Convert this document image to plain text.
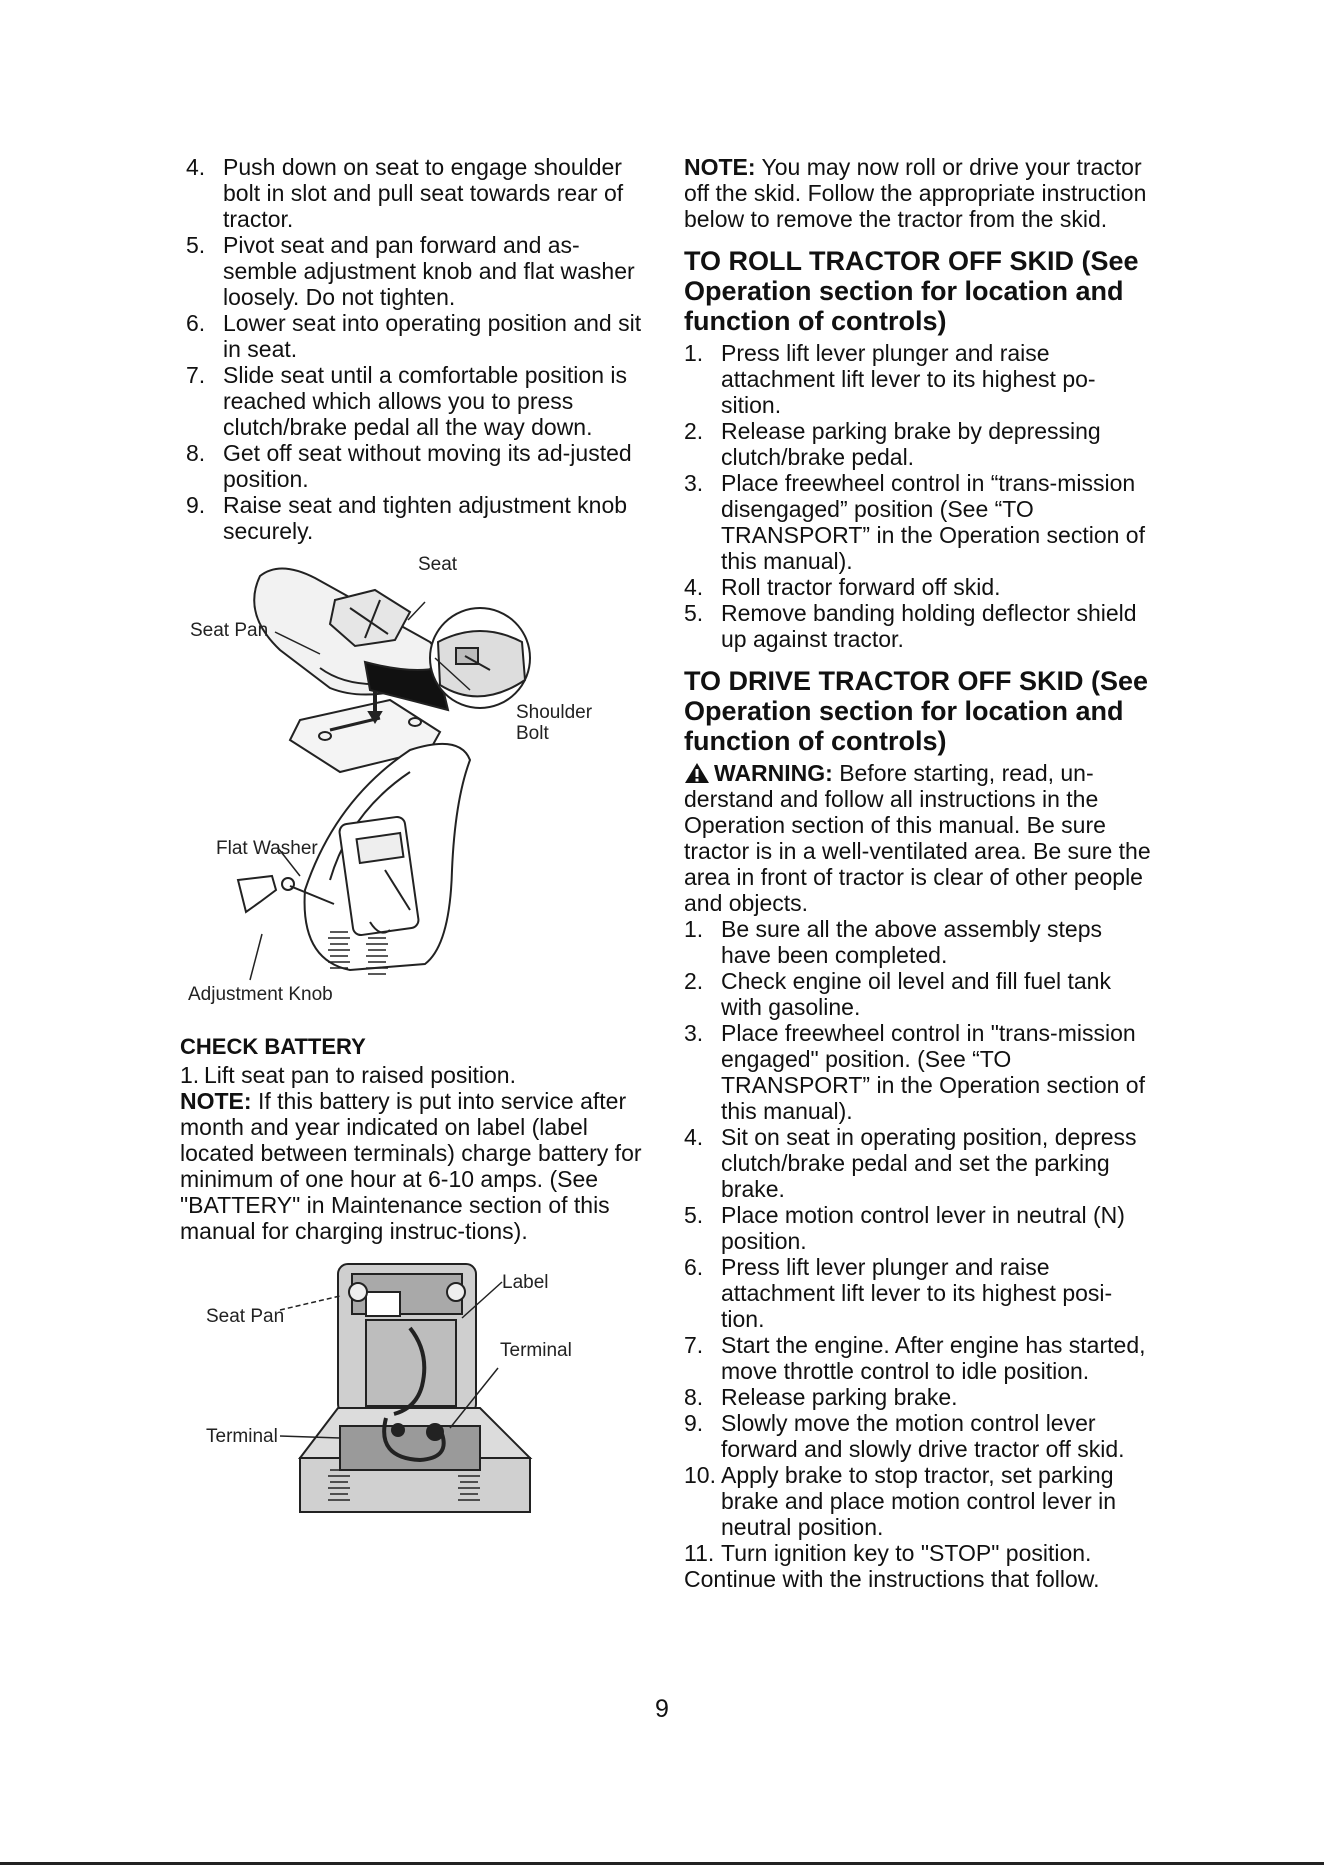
4. Push down on seat to engage shoulder bolt in slot and pull seat towards rear of tractor.
5. Pivot seat and pan forward and as-semble adjustment knob and flat washer loosely. Do not tighten.
6. Lower seat into operating position and sit in seat.
7. Slide seat until a comfortable position is reached which allows you to press clutch/brake pedal all the way down.
8. Get off seat without moving its ad-justed position.
9. Raise seat and tighten adjustment knob securely.
Seat
Seat Pan
Shoulder
Bolt
Flat Washer
Adjustment Knob
CHECK BATTERY
1. Lift seat pan to raised position.

NOTE: If this battery is put into service after month and year indicated on label (label located between terminals) charge battery for minimum of one hour at 6-10 amps. (See "BATTERY" in Maintenance section of this manual for charging instruc-tions).

Seat Pan
Label
Terminal
Terminal

NOTE: You may now roll or drive your tractor off the skid. Follow the appropriate instruction below to remove the tractor from the skid.

TO ROLL TRACTOR OFF SKID (See Operation section for location and function of controls)
1. Press lift lever plunger and raise attachment lift lever to its highest po-sition.
2. Release parking brake by depressing clutch/brake pedal.
3. Place freewheel control in “trans-mission disengaged” position (See “TO TRANSPORT” in the Operation section of this manual).
4. Roll tractor forward off skid.
5. Remove banding holding deflector shield up against tractor.
TO DRIVE TRACTOR OFF SKID (See Operation section for location and function of controls)

WARNING: Before starting, read, un-derstand and follow all instructions in the Operation section of this manual. Be sure tractor is in a well-ventilated area. Be sure the area in front of tractor is clear of other people and objects.

1. Be sure all the above assembly steps have been completed.
2. Check engine oil level and fill fuel tank with gasoline.
3. Place freewheel control in "trans-mission engaged" position. (See “TO TRANSPORT” in the Operation section of this manual).
4. Sit on seat in operating position, depress clutch/brake pedal and set the parking brake.
5. Place motion control lever in neutral (N) position.
6. Press lift lever plunger and raise attachment lift lever to its highest posi-tion.
7. Start the engine. After engine has started, move throttle control to idle position.
8. Release parking brake.
9. Slowly move the motion control lever forward and slowly drive tractor off skid.
10. Apply brake to stop tractor, set parking brake and place motion control lever in neutral position.
11. Turn ignition key to "STOP" position.

Continue with the instructions that follow.

9
